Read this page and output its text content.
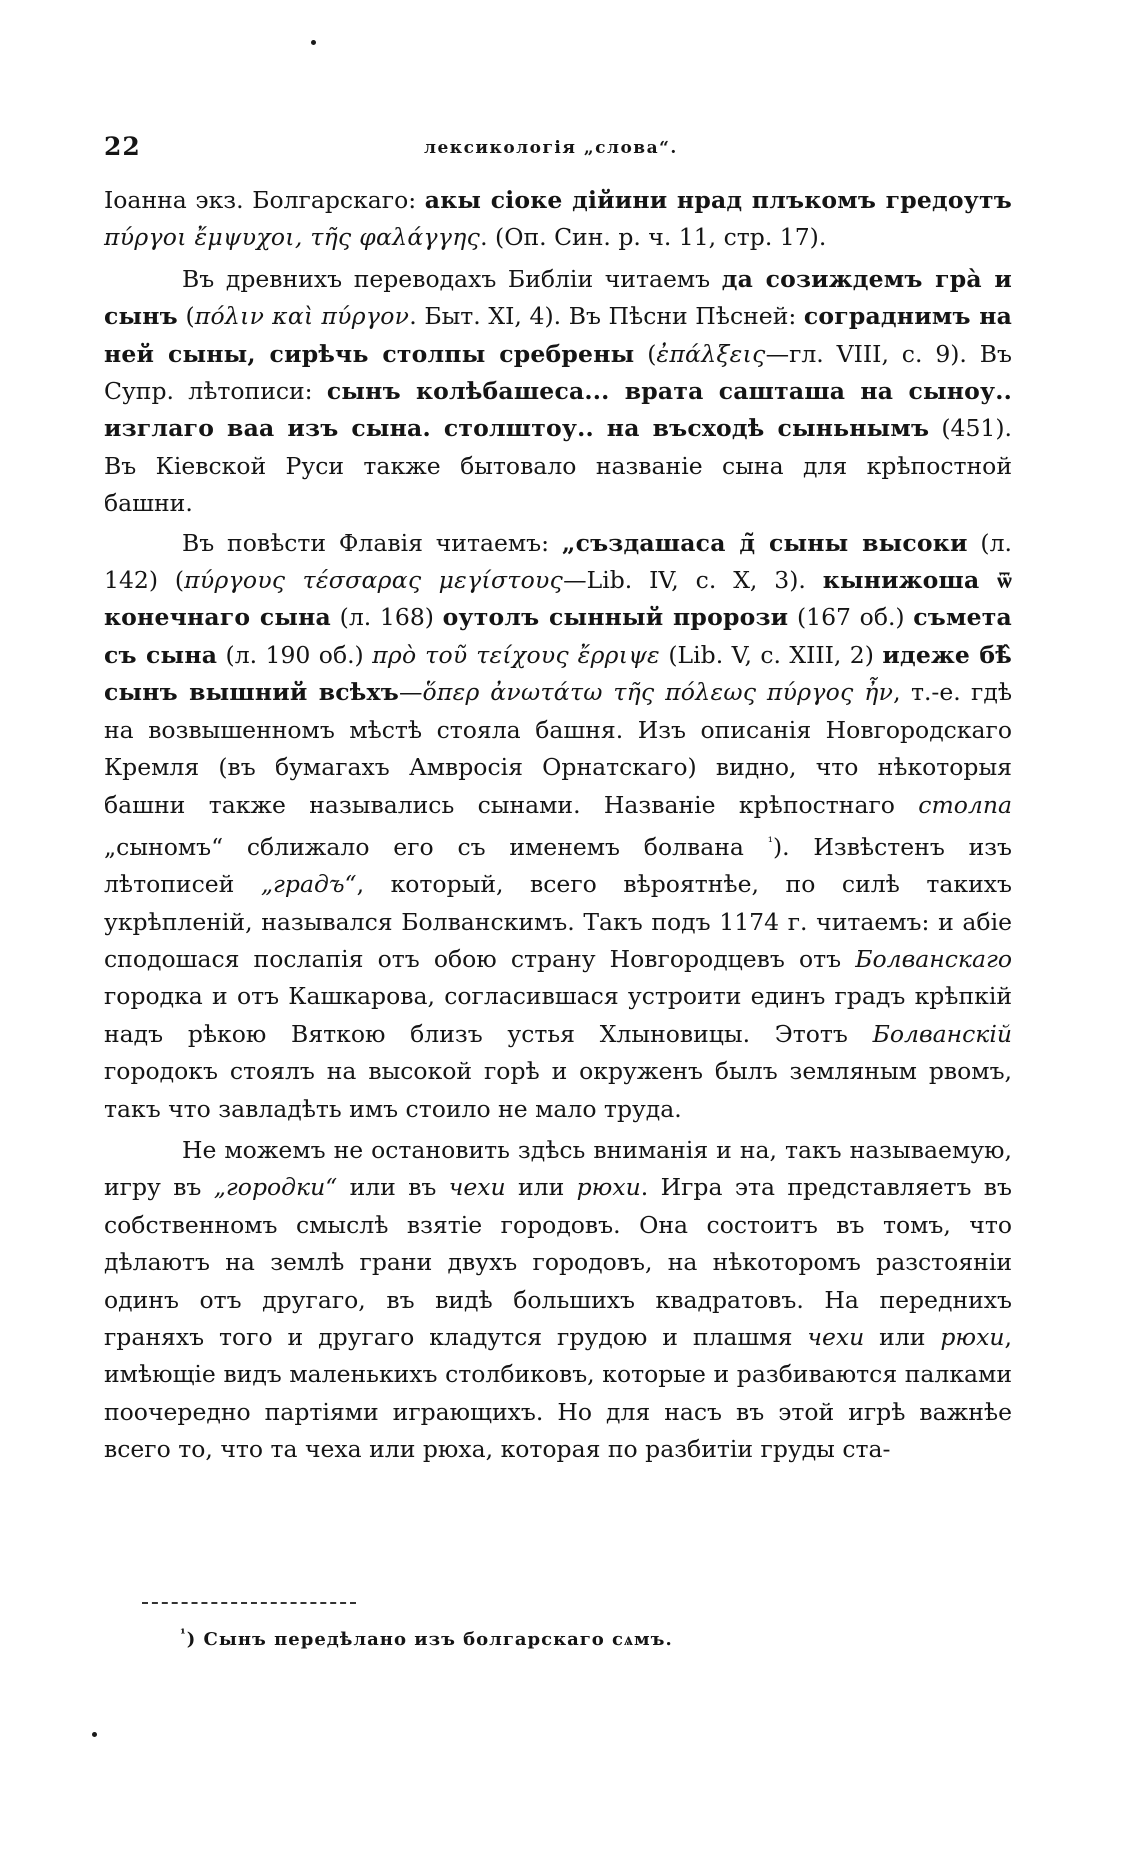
22	лексикологія „слова“.

Іоанна экз. Болгарскаго: акы сіоке дійини нрад плъкомъ гредоутъ πύργοι ἔμψυχοι, τῆς φαλάγγης. (Оп. Син. р. ч. 11, стр. 17).

Въ древнихъ переводахъ Библіи читаемъ да созиждемъ гра̀ и сынъ (πόλιν καὶ πύργον. Быт. XI, 4). Въ Пѣсни Пѣсней: сограднимъ на ней сыны, сирѣчь столпы сребрены (ἐπάλξεις—гл. VIII, с. 9). Въ Супр. лѣтописи: сынъ колѣбашеса... врата сашташа на сыноу.. изглаго ваа изъ сына. столштоу.. на въсходѣ сыньнымъ (451). Въ Кіевской Руси также бытовало названіе сына для крѣпостной башни.

Въ повѣсти Флавія читаемъ: „създашаса д̃ сыны высоки (л. 142) (πύργους τέσσαρας μεγίστους—Lib. IV, с. X, 3). кынижоша ѿ конечнаго сына (л. 168) оутолъ сынный прорози (167 об.) съмета съ сына (л. 190 об.) πρὸ τοῦ τείχους ἔρριψε (Lib. V, с. XIII, 2) идеже бѣ̂ сынъ вышний всѣхъ—ὅπερ ἀνωτάτω τῆς πόλεως πύργος ἦν, т.-е. гдѣ на возвышенномъ мѣстѣ стояла башня. Изъ описанія Новгородскаго Кремля (въ бумагахъ Амвросія Орнатскаго) видно, что нѣкоторыя башни также назывались сынами. Названіе крѣпостнаго столпа „сыномъ“ сближало его съ именемъ болвана $^{^1}$). Извѣстенъ изъ лѣтописей „градъ“, который, всего вѣроятнѣе, по силѣ такихъ укрѣпленій, назывался Болванскимъ. Такъ подъ 1174 г. читаемъ: и абіе сподошася послапія отъ обою страну Новгородцевъ отъ Болванскаго городка и отъ Кашкарова, согласившася устроити единъ градъ крѣпкій надъ рѣкою Вяткою близъ устья Хлыновицы. Этотъ Болванскій городокъ стоялъ на высокой горѣ и окруженъ былъ земляным рвомъ, такъ что завладѣть имъ стоило не мало труда.

Не можемъ не остановить здѣсь вниманія и на, такъ называемую, игру въ „городки“ или въ чехи или рюхи. Игра эта представляетъ въ собственномъ смыслѣ взятіе городовъ. Она состоитъ въ томъ, что дѣлаютъ на землѣ грани двухъ городовъ, на нѣкоторомъ разстояніи одинъ отъ другаго, въ видѣ большихъ квадратовъ. На переднихъ граняхъ того и другаго кладутся грудою и плашмя чехи или рюхи, имѣющіе видъ маленькихъ столбиковъ, которые и разбиваются палками поочередно партіями играющихъ. Но для насъ въ этой игрѣ важнѣе всего то, что та чеха или рюха, которая по разбитіи груды ста-

$^{^1}$) Сынъ передѣлано изъ болгарскаго сѧмъ.
